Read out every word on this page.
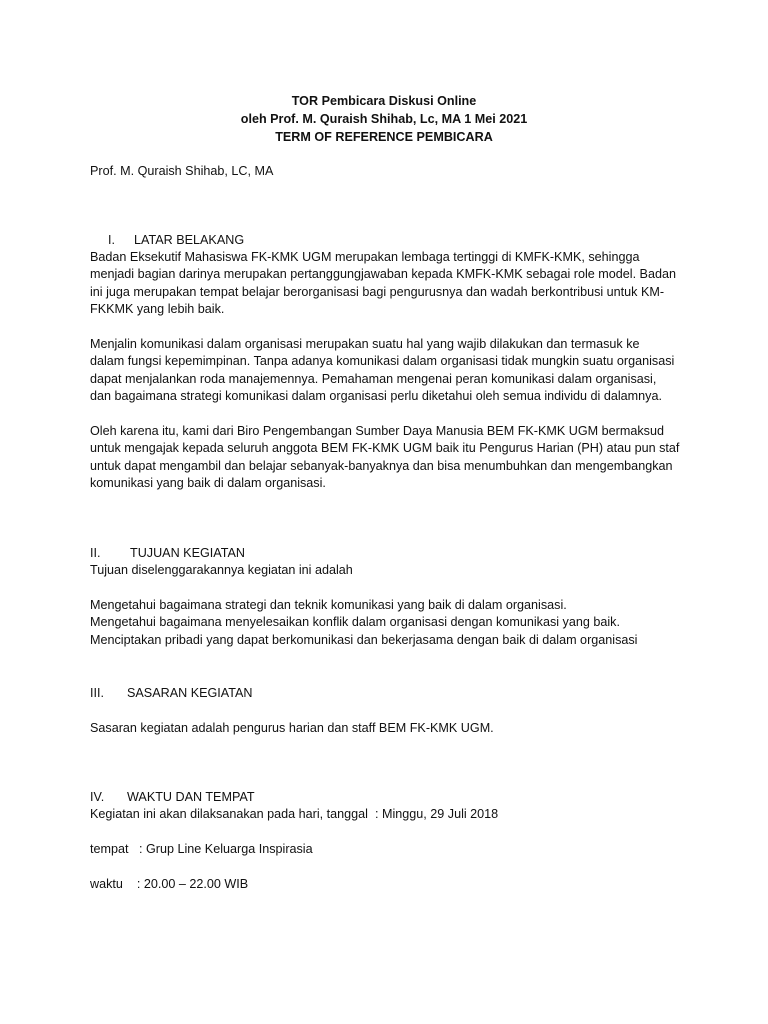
TOR Pembicara Diskusi Online
oleh Prof. M. Quraish Shihab, Lc, MA 1 Mei 2021
TERM OF REFERENCE PEMBICARA
Prof. M. Quraish Shihab, LC, MA
I. LATAR BELAKANG
Badan Eksekutif Mahasiswa FK-KMK UGM merupakan lembaga tertinggi di KMFK-KMK, sehingga
menjadi bagian darinya merupakan pertanggungjawaban kepada KMFK-KMK sebagai role model. Badan
ini juga merupakan tempat belajar berorganisasi bagi pengurusnya dan wadah berkontribusi untuk KM-
FKKMK yang lebih baik.
Menjalin komunikasi dalam organisasi merupakan suatu hal yang wajib dilakukan dan termasuk ke
dalam fungsi kepemimpinan. Tanpa adanya komunikasi dalam organisasi tidak mungkin suatu organisasi
dapat menjalankan roda manajemennya. Pemahaman mengenai peran komunikasi dalam organisasi,
dan bagaimana strategi komunikasi dalam organisasi perlu diketahui oleh semua individu di dalamnya.
Oleh karena itu, kami dari Biro Pengembangan Sumber Daya Manusia BEM FK-KMK UGM bermaksud
untuk mengajak kepada seluruh anggota BEM FK-KMK UGM baik itu Pengurus Harian (PH) atau pun staf
untuk dapat mengambil dan belajar sebanyak-banyaknya dan bisa menumbuhkan dan mengembangkan
komunikasi yang baik di dalam organisasi.
II. TUJUAN KEGIATAN
Tujuan diselenggarakannya kegiatan ini adalah
Mengetahui bagaimana strategi dan teknik komunikasi yang baik di dalam organisasi.
Mengetahui bagaimana menyelesaikan konflik dalam organisasi dengan komunikasi yang baik.
Menciptakan pribadi yang dapat berkomunikasi dan bekerjasama dengan baik di dalam organisasi
III. SASARAN KEGIATAN
Sasaran kegiatan adalah pengurus harian dan staff BEM FK-KMK UGM.
IV. WAKTU DAN TEMPAT
Kegiatan ini akan dilaksanakan pada hari, tanggal  : Minggu, 29 Juli 2018
tempat   : Grup Line Keluarga Inspirasia
waktu    : 20.00 – 22.00 WIB
